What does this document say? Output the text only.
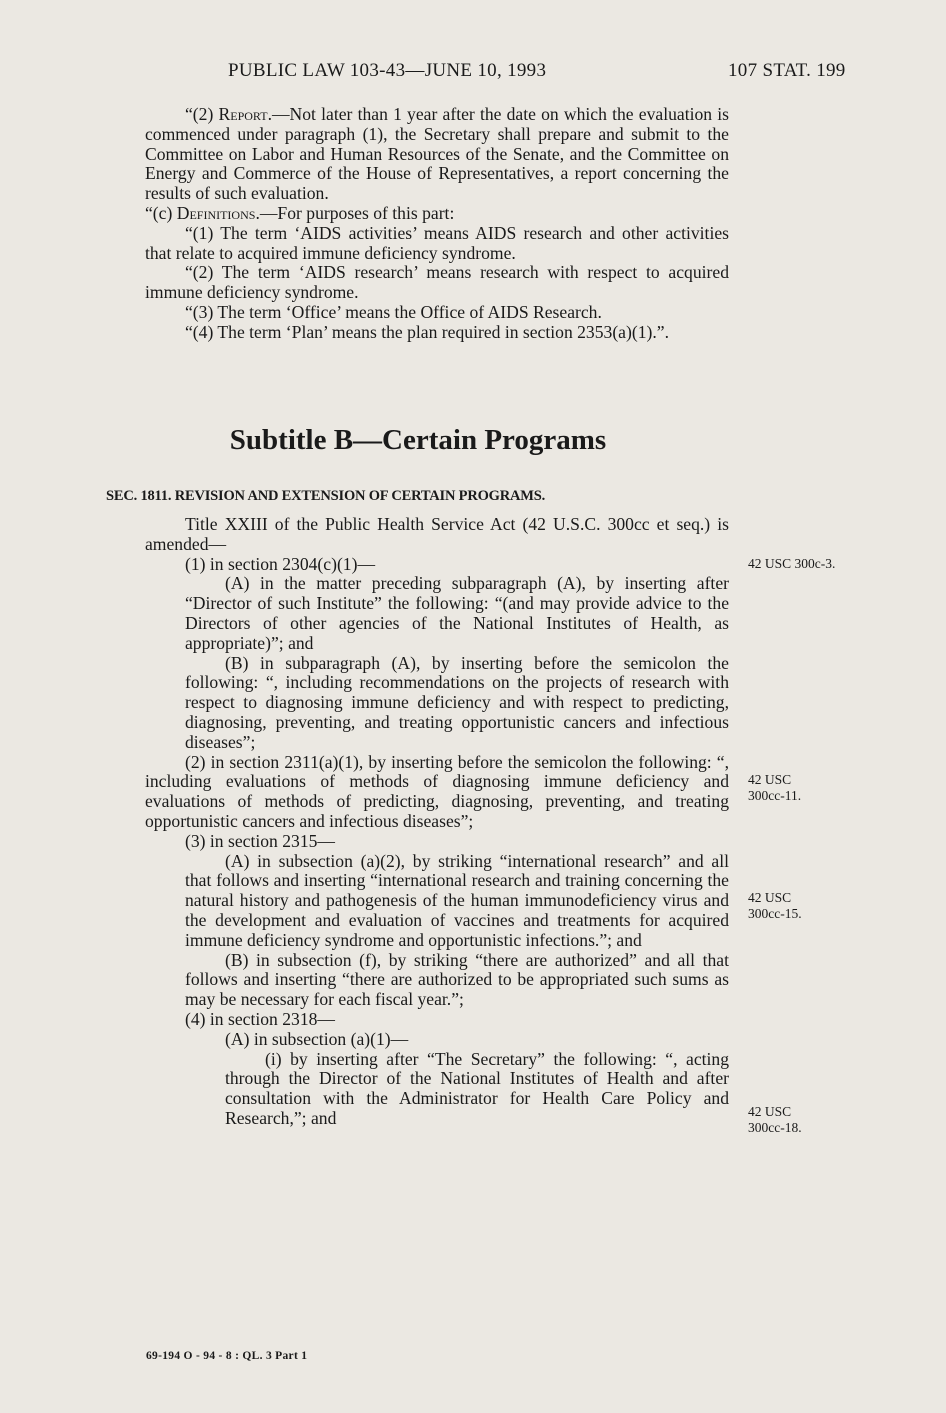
PUBLIC LAW 103-43—JUNE 10, 1993	107 STAT. 199

“(2) Report.—Not later than 1 year after the date on which the evaluation is commenced under paragraph (1), the Secretary shall prepare and submit to the Committee on Labor and Human Resources of the Senate, and the Committee on Energy and Commerce of the House of Representatives, a report concerning the results of such evaluation.

“(c) Definitions.—For purposes of this part:

“(1) The term ‘AIDS activities’ means AIDS research and other activities that relate to acquired immune deficiency syndrome.

“(2) The term ‘AIDS research’ means research with respect to acquired immune deficiency syndrome.

“(3) The term ‘Office’ means the Office of AIDS Research.

“(4) The term ‘Plan’ means the plan required in section 2353(a)(1).”.

Subtitle B—Certain Programs
SEC. 1811. REVISION AND EXTENSION OF CERTAIN PROGRAMS.

Title XXIII of the Public Health Service Act (42 U.S.C. 300cc et seq.) is amended—

(1) in section 2304(c)(1)—

(A) in the matter preceding subparagraph (A), by inserting after “Director of such Institute” the following: “(and may provide advice to the Directors of other agencies of the National Institutes of Health, as appropriate)”; and

(B) in subparagraph (A), by inserting before the semicolon the following: “, including recommendations on the projects of research with respect to diagnosing immune deficiency and with respect to predicting, diagnosing, preventing, and treating opportunistic cancers and infectious diseases”;

(2) in section 2311(a)(1), by inserting before the semicolon the following: “, including evaluations of methods of diagnosing immune deficiency and evaluations of methods of predicting, diagnosing, preventing, and treating opportunistic cancers and infectious diseases”;

(3) in section 2315—

(A) in subsection (a)(2), by striking “international research” and all that follows and inserting “international research and training concerning the natural history and pathogenesis of the human immunodeficiency virus and the development and evaluation of vaccines and treatments for acquired immune deficiency syndrome and opportunistic infections.”; and

(B) in subsection (f), by striking “there are authorized” and all that follows and inserting “there are authorized to be appropriated such sums as may be necessary for each fiscal year.”;

(4) in section 2318—

(A) in subsection (a)(1)—

(i) by inserting after “The Secretary” the following: “, acting through the Director of the National Institutes of Health and after consultation with the Administrator for Health Care Policy and Research,”; and

42 USC 300c-3.
42 USC
300cc-11.
42 USC
300cc-15.
42 USC
300cc-18.
69-194 O - 94 - 8 : QL. 3 Part 1
